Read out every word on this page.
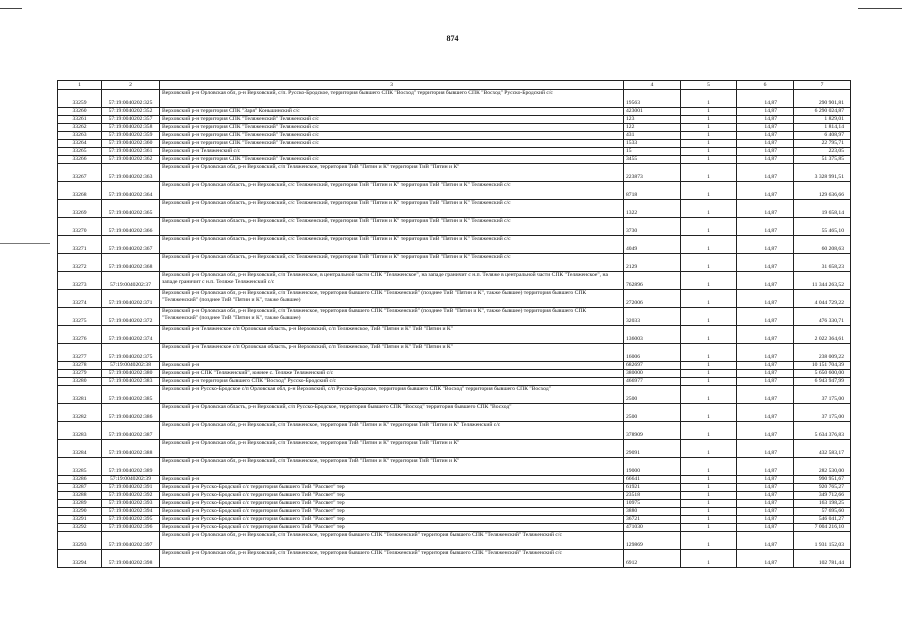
874
1	2	3	4	5	6	7
33259	57:19:0040202:325	Верховский р-н Орловская обл, р-н Верховский, с/п. Русско-Бродское, территория бывшего СПК "Восход" территория бывшего СПК "Восход" Русско-Бродский с/с	19563	1	14,87	290 901,81
33260	57:19:0040202:352	Верховский р-н территория СПК "Заря" Коньшинский с/с	423001	1	14,87	6 290 024,87
33261	57:19:0040202:357	Верховский р-н территория СПК "Теляженский" Теляженский с/с	123	1	14,87	1 829,01
33262	57:19:0040202:358	Верховский р-н территория СПК "Теляженский" Теляженский с/с	122	1	14,87	1 814,14
33263	57:19:0040202:359	Верховский р-н территория СПК "Теляженский" Теляженский с/с	431	1	14,87	6 408,97
33264	57:19:0040202:360	Верховский р-н территория СПК "Теляженский" Теляженский с/с	1533	1	14,87	22 795,71
33265	57:19:0040202:361	Верховский р-н Теляженский с/с	15	1	14,87	223,05
33266	57:19:0040202:362	Верховский р-н территория СПК "Теляженский" Теляженский с/с	3455	1	14,87	51 375,85
33267	57:19:0040202:363	Верховский р-н Орловская обл, р-н Верховский, с/п Теляженское, территория ТиВ "Пятин и К" территория ТиВ "Пятин и К"	223873	1	14,87	3 328 991,51
33268	57:19:0040202:364	Верховский р-н Орловская область, р-н Верховский, с/с Теляженский, территория ТиВ "Пятин и К" территория ТиВ "Пятин и К" Теляженский с/с	8718	1	14,87	129 636,66
33269	57:19:0040202:365	Верховский р-н Орловская область, р-н Верховский, с/с Теляженский, территория ТиВ "Пятин и К" территория ТиВ "Пятин и К" Теляженский с/с	1322	1	14,87	19 658,14
33270	57:19:0040202:366	Верховский р-н Орловская область, р-н Верховский, с/с Теляженский, территория ТиВ "Пятин и К" территория ТиВ "Пятин и К" Теляженский с/с	3730	1	14,87	55 465,10
33271	57:19:0040202:367	Верховский р-н Орловская область, р-н Верховский, с/с Теляженский, территория ТиВ "Пятин и К" территория ТиВ "Пятин и К" Теляженский с/с	4049	1	14,87	60 208,63
33272	57:19:0040202:368	Верховский р-н Орловская область, р-н Верховский, с/с Теляженский, территория ТиВ "Пятин и К" территория ТиВ "Пятин и К" Теляженский с/с	2129	1	14,87	31 658,23
33273	57:19:0040202:37	Верховский р-н Орловская обл, р-н Верховский, с/п Теляженское, в центральной части СПК "Теляженское", на западе граничит с н.п. Теляже в центральной части СПК "Теляженское", на западе граничит с н.п. Теляже Теляженский с/с	762896	1	14,87	11 344 263,52
33274	57:19:0040202:371	Верховский р-н Орловская обл, р-н Верховский, с/п Теляженское, территория бывшего СПК "Теляженский" (позднее ТиВ "Пятин и К", также бывшее) территория бывшего СПК "Теляженский" (позднее ТиВ "Пятин и К", также бывшее)	272006	1	14,87	4 044 729,22
33275	57:19:0040202:372	Верховский р-н Орловская обл, р-н Верховский, с/п Теляженское, территория бывшего СПК "Теляженский" (позднее ТиВ "Пятин и К", также бывшее) территория бывшего СПК "Теляженский" (позднее ТиВ "Пятин и К", также бывшее)	32033	1	14,87	476 330,71
33276	57:19:0040202:374	Верховский р-н Теляженское с/п Орловская область, р-н Верховский, с/п Теляженское, ТиВ "Пятин и К" ТиВ "Пятин и К"	136003	1	14,87	2 022 364,61
33277	57:19:0040202:375	Верховский р-н Теляженское с/п Орловская область, р-н Верховский, с/п Теляженское, ТиВ "Пятин и К" ТиВ "Пятин и К"	16006	1	14,87	238 009,22
33278	57:19:0040202:38	Верховский р-н	682697	1	14,87	10 151 704,39
33279	57:19:0040202:380	Верховский р-н СПК "Теляженский", южнее с. Теляже Теляженский с/с	380000	1	14,87	5 650 600,00
33280	57:19:0040202:383	Верховский р-н территория бывшего СПК "Восход" Русско-Бродский с/с	466977	1	14,87	6 943 947,99
33281	57:19:0040202:385	Верховский р-н Русско-Бродское с/п Орловская обл, р-н Верховский, с/п Русско-Бродское, территория бывшего СПК "Восход" территория бывшего СПК "Восход"	2500	1	14,87	37 175,00
33282	57:19:0040202:386	Верховский р-н Орловская область, р-н Верховский, с/п Русско-Бродское, территория бывшего СПК "Восход" территория бывшего СПК "Восход"	2500	1	14,87	37 175,00
33283	57:19:0040202:387	Верховский р-н Орловская обл, р-н Верховский, с/п Теляженское, территория ТиВ "Пятин и К" территория ТиВ "Пятин и К" Теляженский с/с	378909	1	14,87	5 634 376,83
33284	57:19:0040202:388	Верховский р-н Орловская обл, р-н Верховский, с/п Теляженское, территория ТиВ "Пятин и К" территория ТиВ "Пятин и К"	29091	1	14,87	432 583,17
33285	57:19:0040202:389	Верховский р-н Орловская обл, р-н Верховский, с/п Теляженское, территория ТиВ "Пятин и К" территория ТиВ "Пятин и К"	19000	1	14,87	282 530,00
33286	57:19:0040202:39	Верховский р-н	66641	1	14,87	990 951,67
33287	57:19:0040202:391	Верховский р-н Русско-Бродский с/с территория бывшего ТиВ "Рассвет" тер	61921	1	14,87	920 765,27
33288	57:19:0040202:392	Верховский р-н Русско-Бродский с/с территория бывшего ТиВ "Рассвет" тер	23518	1	14,87	349 712,66
33289	57:19:0040202:393	Верховский р-н Русско-Бродский с/с территория бывшего ТиВ "Рассвет" тер	10975	1	14,87	163 198,25
33290	57:19:0040202:394	Верховский р-н Русско-Бродский с/с территория бывшего ТиВ "Рассвет" тер	3880	1	14,87	57 695,60
33291	57:19:0040202:395	Верховский р-н Русско-Бродский с/с территория бывшего ТиВ "Рассвет" тер	36721	1	14,87	546 041,27
33292	57:19:0040202:396	Верховский р-н Русско-Бродский с/с территория бывшего ТиВ "Рассвет" тер	471030	1	14,87	7 004 216,10
33293	57:19:0040202:397	Верховский р-н Орловская обл, р-н Верховский, с/п Теляженское, территория бывшего СПК "Теляженский" территория бывшего СПК "Теляженский" Теляженский с/с	129869	1	14,87	1 931 152,03
33294	57:19:0040202:398	Верховский р-н Орловская обл, р-н Верховский, с/п Теляженское, территория бывшего СПК "Теляженский" территория бывшего СПК "Теляженский" Теляженский с/с	6912	1	14,87	102 781,44
